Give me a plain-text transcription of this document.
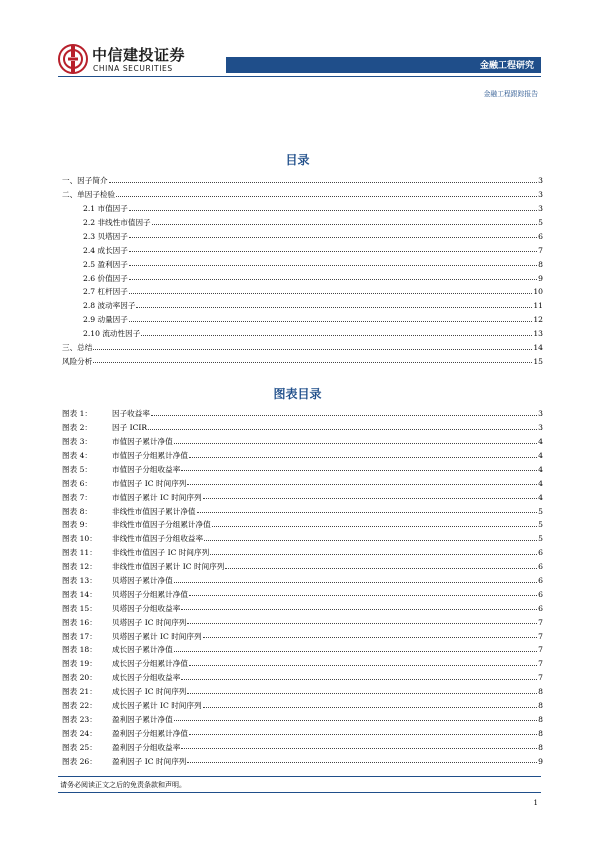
中信建投证券
CHINA SECURITIES	金融工程研究
金融工程跟踪报告
目录
一、因子简介	3
二、单因子检验	3
2.1 市值因子	3
2.2 非线性市值因子	5
2.3 贝塔因子	6
2.4 成长因子	7
2.5 盈利因子	8
2.6 价值因子	9
2.7 杠杆因子	10
2.8 波动率因子	11
2.9 动量因子	12
2.10 流动性因子	13
三、总结	14
风险分析	15
图表目录
图表 1：	因子收益率	3
图表 2：	因子 ICIR	3
图表 3：	市值因子累计净值	4
图表 4：	市值因子分组累计净值	4
图表 5：	市值因子分组收益率	4
图表 6：	市值因子 IC 时间序列	4
图表 7：	市值因子累计 IC 时间序列	4
图表 8：	非线性市值因子累计净值	5
图表 9：	非线性市值因子分组累计净值	5
图表 10： 非线性市值因子分组收益率	5
图表 11： 非线性市值因子 IC 时间序列	6
图表 12： 非线性市值因子累计 IC 时间序列	6
图表 13： 贝塔因子累计净值	6
图表 14： 贝塔因子分组累计净值	6
图表 15： 贝塔因子分组收益率	6
图表 16： 贝塔因子 IC 时间序列	7
图表 17： 贝塔因子累计 IC 时间序列	7
图表 18： 成长因子累计净值	7
图表 19： 成长因子分组累计净值	7
图表 20： 成长因子分组收益率	7
图表 21： 成长因子 IC 时间序列	8
图表 22： 成长因子累计 IC 时间序列	8
图表 23： 盈利因子累计净值	8
图表 24： 盈利因子分组累计净值	8
图表 25： 盈利因子分组收益率	8
图表 26： 盈利因子 IC 时间序列	9
请务必阅读正文之后的免责条款和声明。
1
